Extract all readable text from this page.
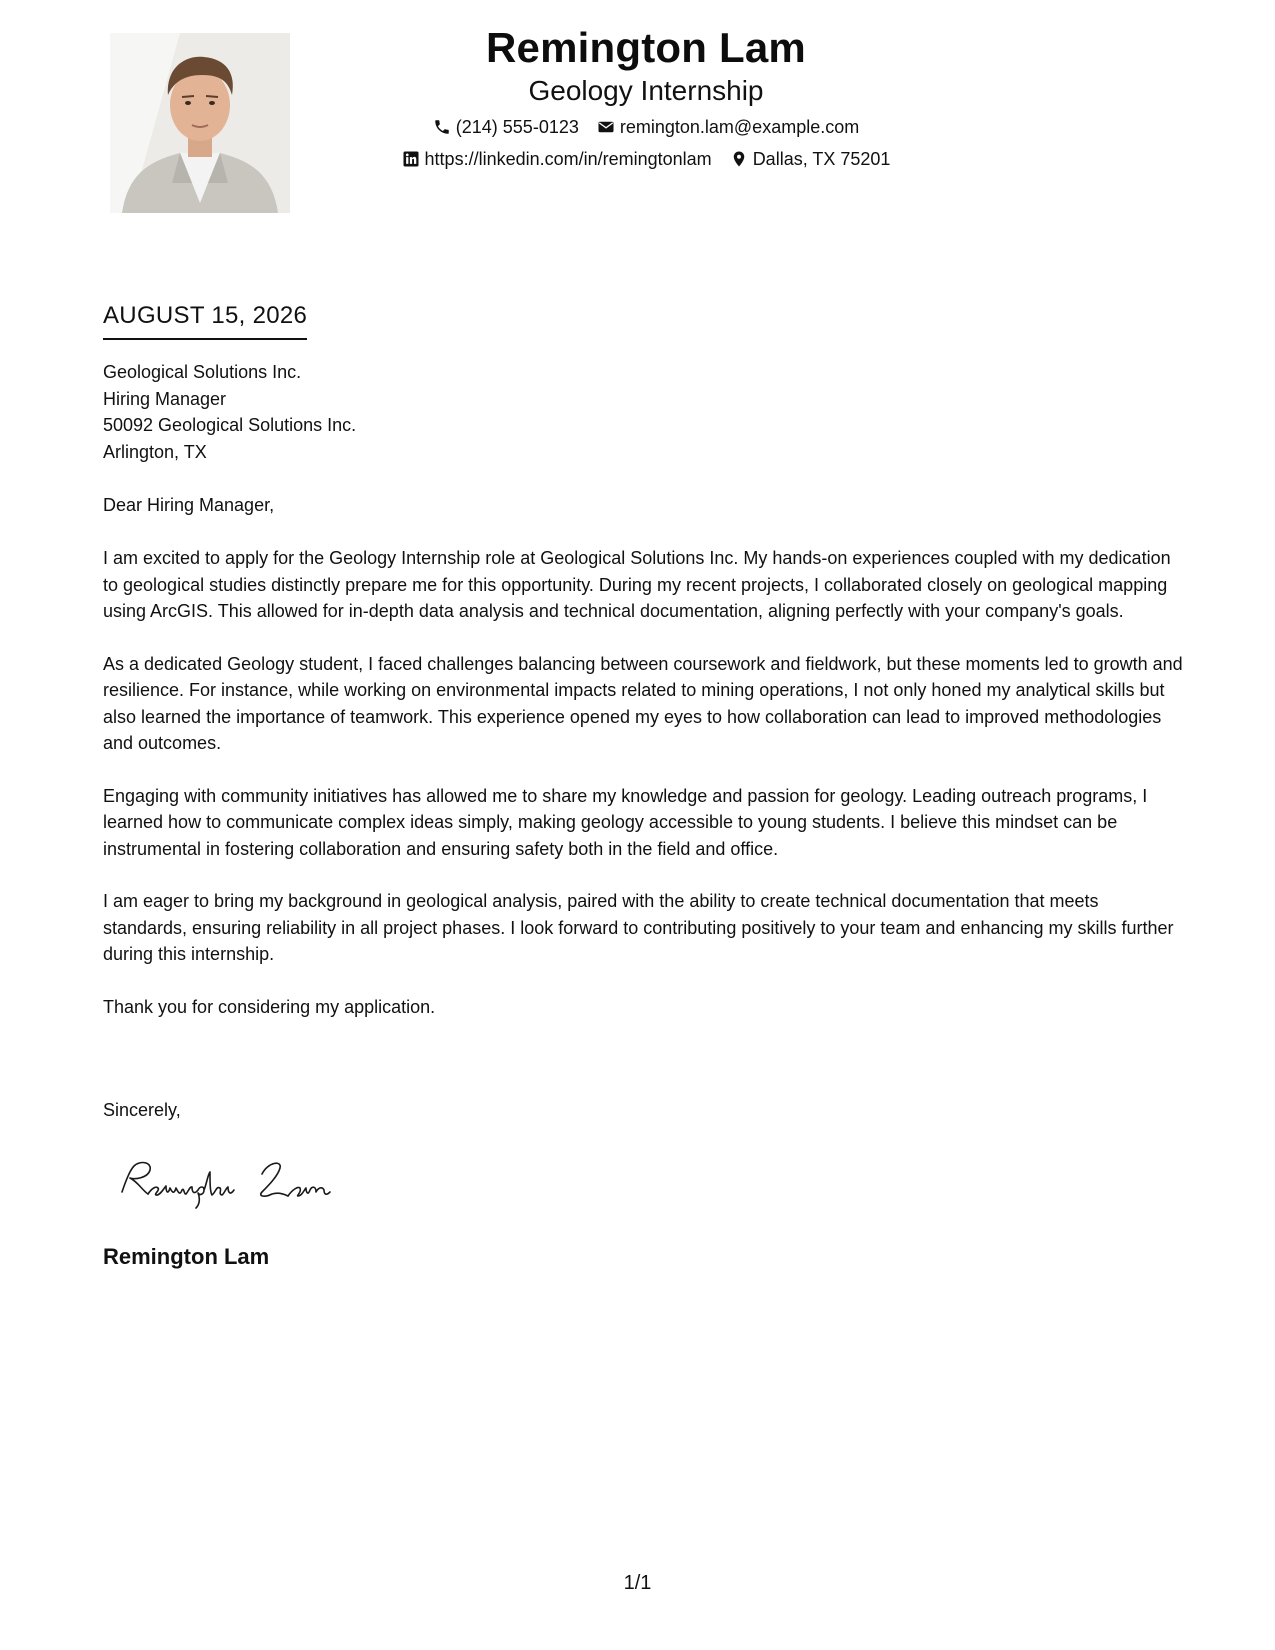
Remington Lam
Geology Internship
(214) 555-0123 remington.lam@example.com
https://linkedin.com/in/remingtonlam Dallas, TX 75201
AUGUST 15, 2026
Geological Solutions Inc.
Hiring Manager
50092 Geological Solutions Inc.
Arlington, TX
Dear Hiring Manager,

I am excited to apply for the Geology Internship role at Geological Solutions Inc. My hands-on experiences coupled with my dedication to geological studies distinctly prepare me for this opportunity. During my recent projects, I collaborated closely on geological mapping using ArcGIS. This allowed for in-depth data analysis and technical documentation, aligning perfectly with your company's goals.

As a dedicated Geology student, I faced challenges balancing between coursework and fieldwork, but these moments led to growth and resilience. For instance, while working on environmental impacts related to mining operations, I not only honed my analytical skills but also learned the importance of teamwork. This experience opened my eyes to how collaboration can lead to improved methodologies and outcomes.

Engaging with community initiatives has allowed me to share my knowledge and passion for geology. Leading outreach programs, I learned how to communicate complex ideas simply, making geology accessible to young students. I believe this mindset can be instrumental in fostering collaboration and ensuring safety both in the field and office.

I am eager to bring my background in geological analysis, paired with the ability to create technical documentation that meets standards, ensuring reliability in all project phases. I look forward to contributing positively to your team and enhancing my skills further during this internship.

Thank you for considering my application.

Sincerely,
Remington Lam
1/1
